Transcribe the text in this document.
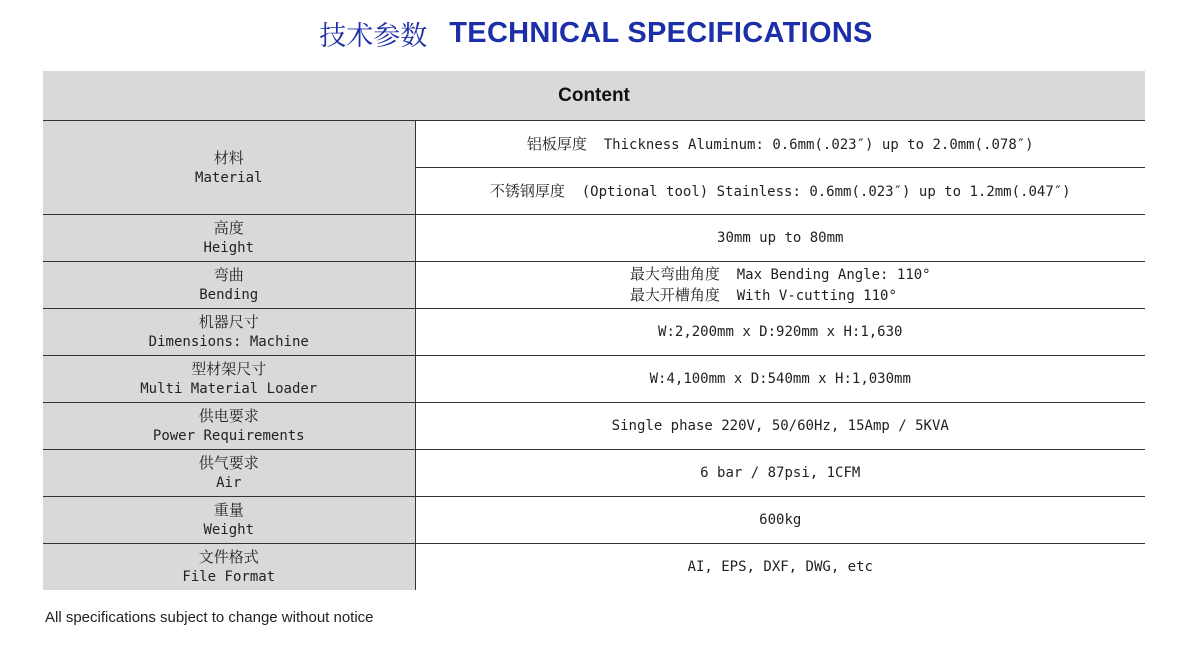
技术参数 TECHNICAL SPECIFICATIONS
Content	

材料
Material	铝板厚度 Thickness Aluminum: 0.6mm(.023″) up to 2.0mm(.078″)
	不锈钢厚度 (Optional tool) Stainless: 0.6mm(.023″) up to 1.2mm(.047″)

高度
Height	30mm up to 80mm

弯曲
Bending	最大弯曲角度 Max Bending Angle: 110°
最大开槽角度 With V-cutting 110°

机器尺寸
Dimensions: Machine	W:2,200mm x D:920mm x H:1,630

型材架尺寸
Multi Material Loader	W:4,100mm x D:540mm x H:1,030mm

供电要求
Power Requirements	Single phase 220V, 50/60Hz, 15Amp / 5KVA

供气要求
Air	6 bar / 87psi, 1CFM

重量
Weight	600kg

文件格式
File Format	AI, EPS, DXF, DWG, etc
All specifications subject to change without notice
